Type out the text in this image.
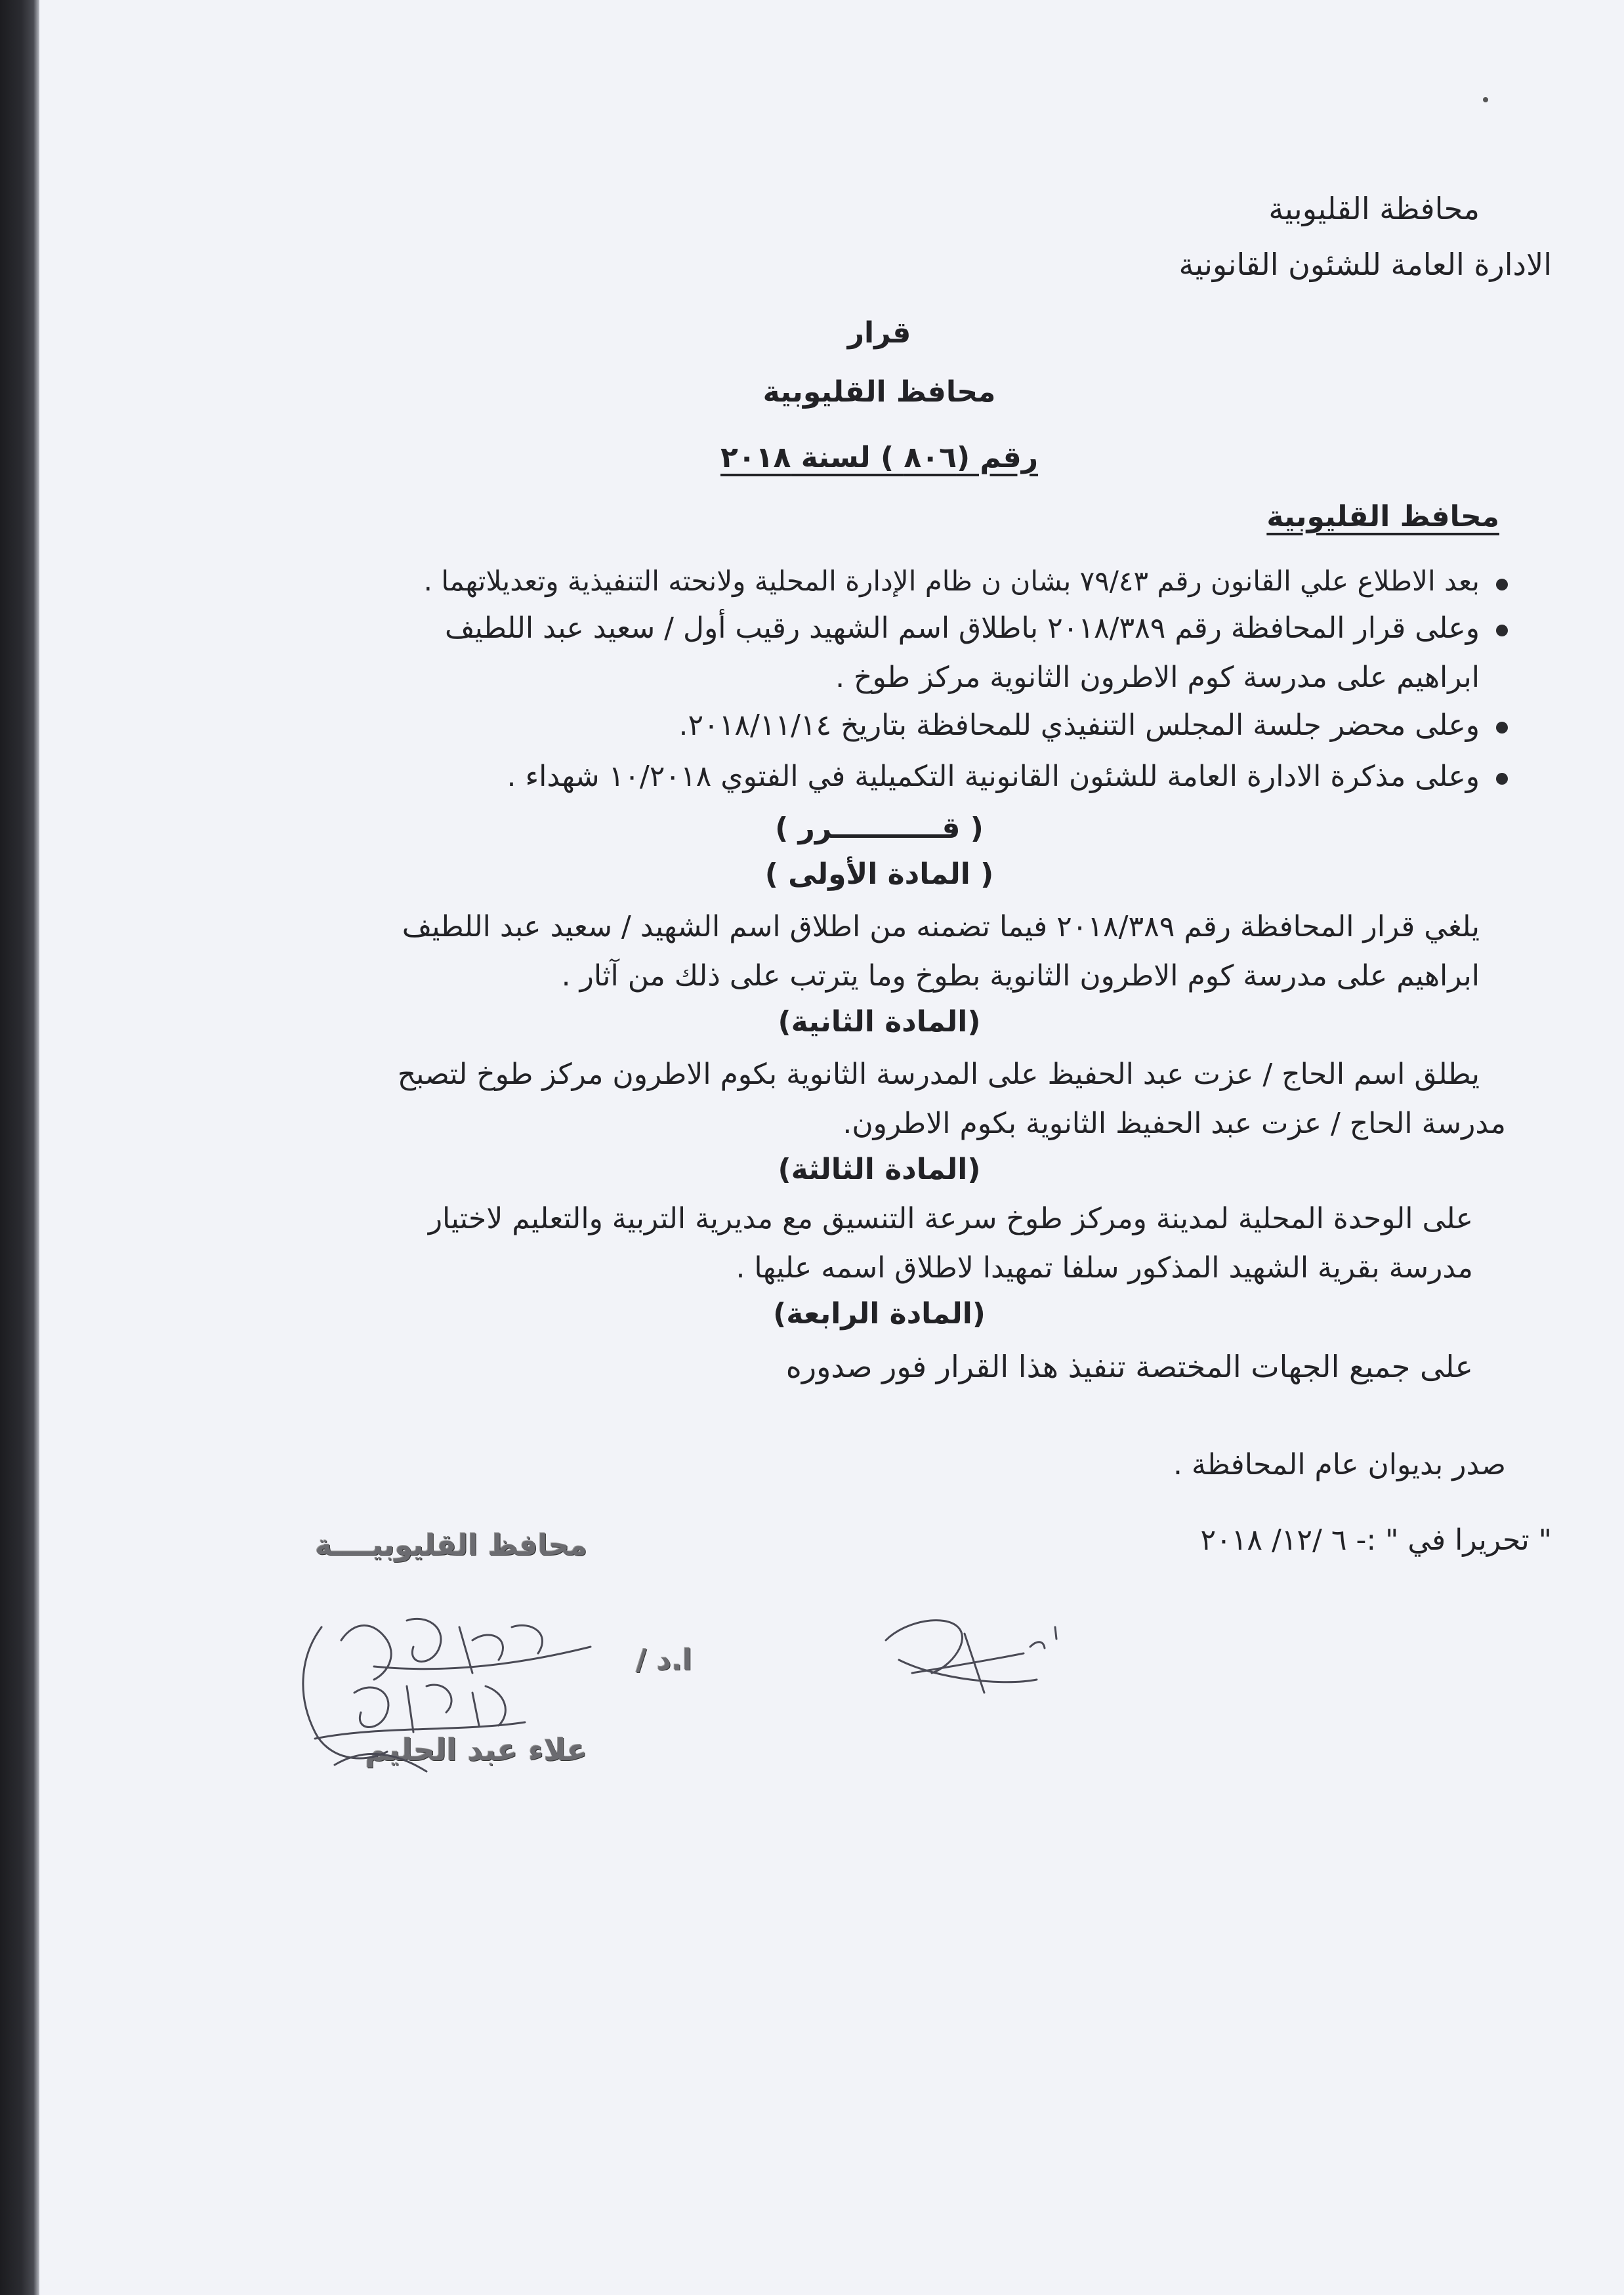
محافظة القليوبية
الادارة العامة للشئون القانونية
قرار
محافظ القليوبية
رقم (٨٠٦ ) لسنة ٢٠١٨
محافظ القليوبية
بعد الاطلاع علي القانون رقم ٧٩/٤٣ بشان ن ظام الإدارة المحلية ولانحته التنفيذية وتعديلاتهما .
وعلى قرار المحافظة رقم ٢٠١٨/٣٨٩ باطلاق اسم الشهيد رقيب أول / سعيد عبد اللطيف
ابراهيم على مدرسة كوم الاطرون الثانوية مركز طوخ .
وعلى محضر جلسة المجلس التنفيذي للمحافظة بتاريخ ٢٠١٨/١١/١٤.
وعلى مذكرة الادارة العامة للشئون القانونية التكميلية في الفتوي ١٠/٢٠١٨ شهداء .
( قـــــــــــرر )
( المادة الأولى )
يلغي قرار المحافظة رقم ٢٠١٨/٣٨٩ فيما تضمنه من اطلاق اسم الشهيد / سعيد عبد اللطيف
ابراهيم على مدرسة كوم الاطرون الثانوية بطوخ وما يترتب على ذلك من آثار .
(المادة الثانية)
يطلق اسم الحاج / عزت عبد الحفيظ على المدرسة الثانوية بكوم الاطرون مركز طوخ لتصبح
مدرسة الحاج / عزت عبد الحفيظ الثانوية بكوم الاطرون.
(المادة الثالثة)
على الوحدة المحلية لمدينة ومركز طوخ سرعة التنسيق مع مديرية التربية والتعليم لاختيار
مدرسة بقرية الشهيد المذكور سلفا تمهيدا لاطلاق اسمه عليها .
(المادة الرابعة)
على جميع الجهات المختصة تنفيذ هذا القرار فور صدوره
صدر بديوان عام المحافظة .
" تحريرا في " :- ٦ /١٢/ ٢٠١٨
محافظ القليوبيــــة
ا.د /
علاء عبد الحليم
